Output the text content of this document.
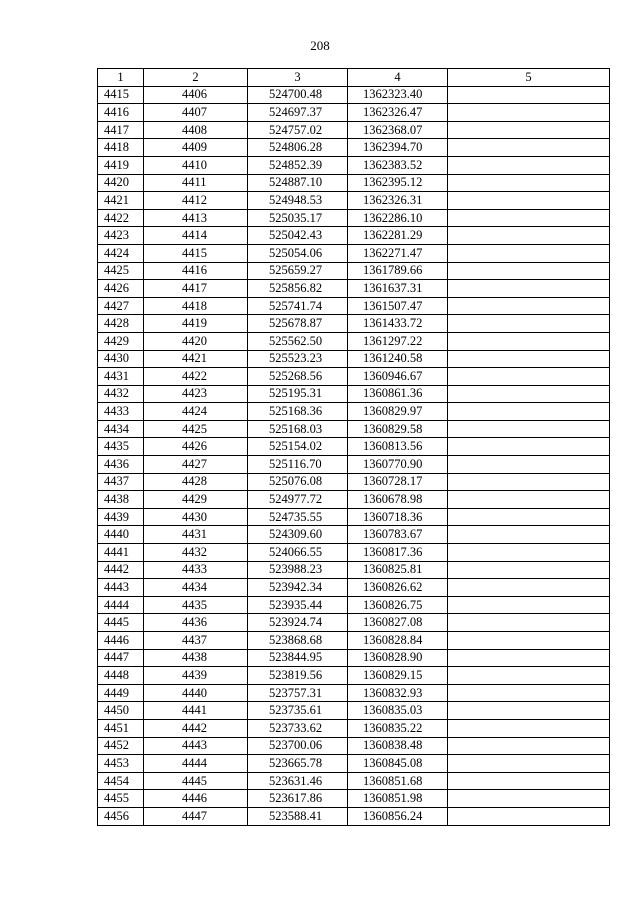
208
1	2	3	4	5
4415	4406	524700.48	1362323.40	
4416	4407	524697.37	1362326.47	
4417	4408	524757.02	1362368.07	
4418	4409	524806.28	1362394.70	
4419	4410	524852.39	1362383.52	
4420	4411	524887.10	1362395.12	
4421	4412	524948.53	1362326.31	
4422	4413	525035.17	1362286.10	
4423	4414	525042.43	1362281.29	
4424	4415	525054.06	1362271.47	
4425	4416	525659.27	1361789.66	
4426	4417	525856.82	1361637.31	
4427	4418	525741.74	1361507.47	
4428	4419	525678.87	1361433.72	
4429	4420	525562.50	1361297.22	
4430	4421	525523.23	1361240.58	
4431	4422	525268.56	1360946.67	
4432	4423	525195.31	1360861.36	
4433	4424	525168.36	1360829.97	
4434	4425	525168.03	1360829.58	
4435	4426	525154.02	1360813.56	
4436	4427	525116.70	1360770.90	
4437	4428	525076.08	1360728.17	
4438	4429	524977.72	1360678.98	
4439	4430	524735.55	1360718.36	
4440	4431	524309.60	1360783.67	
4441	4432	524066.55	1360817.36	
4442	4433	523988.23	1360825.81	
4443	4434	523942.34	1360826.62	
4444	4435	523935.44	1360826.75	
4445	4436	523924.74	1360827.08	
4446	4437	523868.68	1360828.84	
4447	4438	523844.95	1360828.90	
4448	4439	523819.56	1360829.15	
4449	4440	523757.31	1360832.93	
4450	4441	523735.61	1360835.03	
4451	4442	523733.62	1360835.22	
4452	4443	523700.06	1360838.48	
4453	4444	523665.78	1360845.08	
4454	4445	523631.46	1360851.68	
4455	4446	523617.86	1360851.98	
4456	4447	523588.41	1360856.24	
